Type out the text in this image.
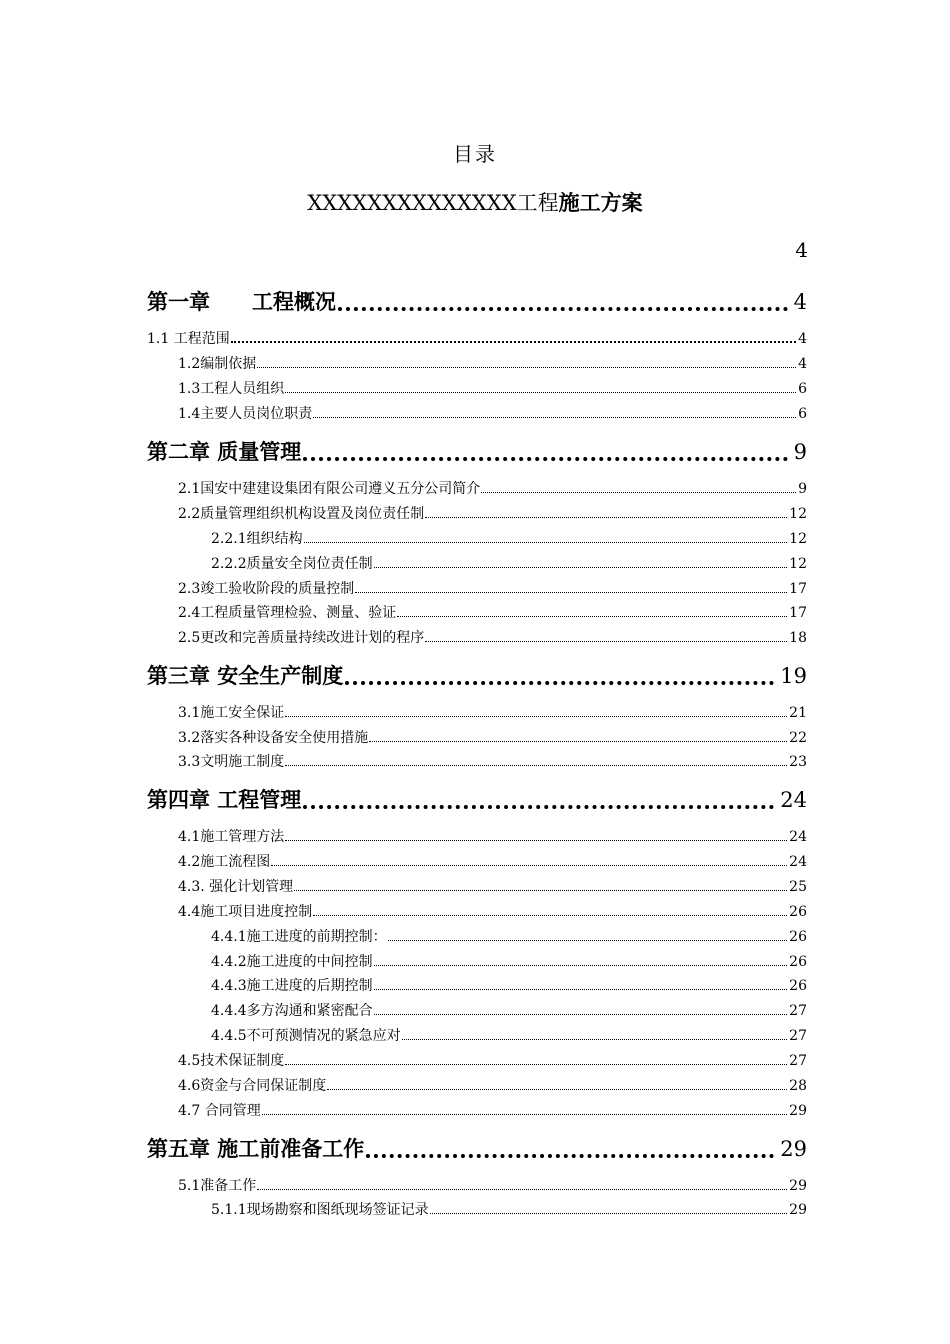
目录
XXXXXXXXXXXXXX工程施工方案
4
第一章　　工程概况	4
1.1 工程范围	4
1.2编制依据	4
1.3工程人员组织	6
1.4主要人员岗位职责	6
第二章 质量管理	9
2.1国安中建建设集团有限公司遵义五分公司简介	9
2.2质量管理组织机构设置及岗位责任制	12
2.2.1组织结构	12
2.2.2质量安全岗位责任制	12
2.3竣工验收阶段的质量控制	17
2.4工程质量管理检验、测量、验证	17
2.5更改和完善质量持续改进计划的程序	18
第三章 安全生产制度	19
3.1施工安全保证	21
3.2落实各种设备安全使用措施	22
3.3文明施工制度	23
第四章 工程管理	24
4.1施工管理方法	24
4.2施工流程图	24
4.3. 强化计划管理	25
4.4施工项目进度控制	26
4.4.1施工进度的前期控制：	26
4.4.2施工进度的中间控制	26
4.4.3施工进度的后期控制	26
4.4.4多方沟通和紧密配合	27
4.4.5不可预测情况的紧急应对	27
4.5技术保证制度	27
4.6资金与合同保证制度	28
4.7 合同管理	29
第五章 施工前准备工作	29
5.1准备工作	29
5.1.1现场勘察和图纸现场签证记录	29
